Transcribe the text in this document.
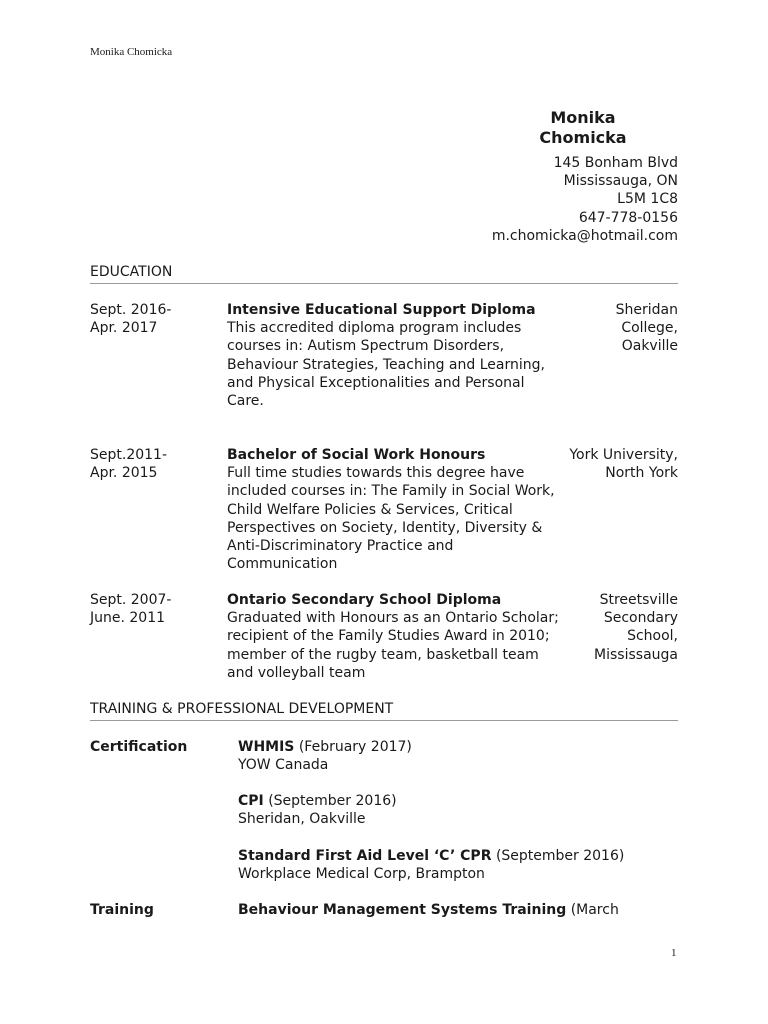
Monika Chomicka
Monika Chomicka
145 Bonham Blvd
Mississauga, ON
L5M 1C8
647-778-0156
m.chomicka@hotmail.com
EDUCATION
Sept. 2016-
Apr. 2017
Intensive Educational Support Diploma
This accredited diploma program includes courses in: Autism Spectrum Disorders, Behaviour Strategies, Teaching and Learning, and Physical Exceptionalities and Personal Care.
Sheridan
College,
Oakville
Sept.2011-
Apr. 2015
Bachelor of Social Work Honours
Full time studies towards this degree have included courses in: The Family in Social Work, Child Welfare Policies & Services, Critical Perspectives on Society, Identity, Diversity & Anti-Discriminatory Practice and Communication
York University,
North York
Sept. 2007-
June. 2011
Ontario Secondary School Diploma
Graduated with Honours as an Ontario Scholar; recipient of the Family Studies Award in 2010; member of the rugby team, basketball team and volleyball team
Streetsville
Secondary
School,
Mississauga
TRAINING & PROFESSIONAL DEVELOPMENT
Certification	WHMIS (February 2017)
YOW Canada
CPI (September 2016)
Sheridan, Oakville
Standard First Aid Level ‘C’ CPR (September 2016)
Workplace Medical Corp, Brampton
Training	Behaviour Management Systems Training (March
1
